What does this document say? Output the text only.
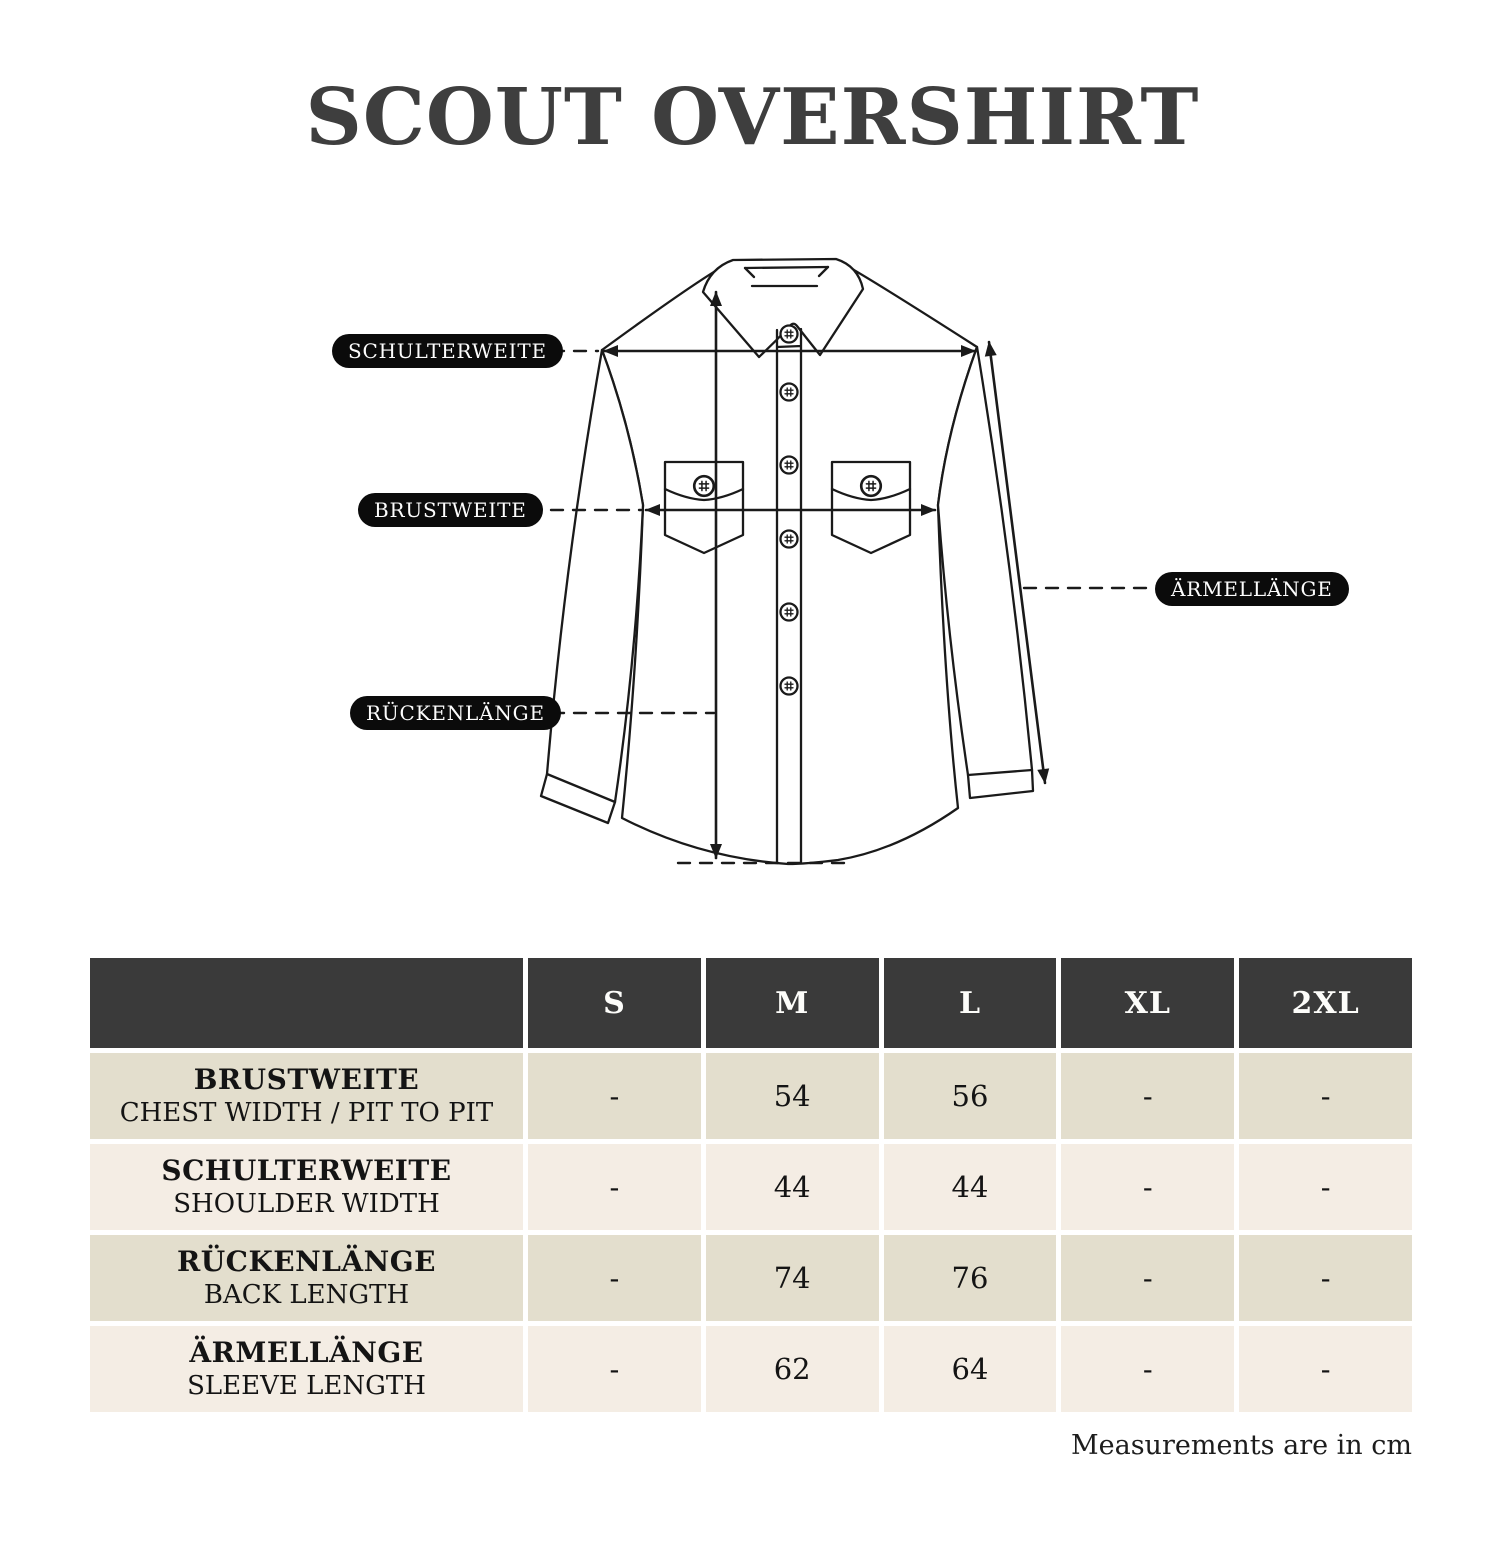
SCOUT OVERSHIRT
SCHULTERWEITE
BRUSTWEITE
RÜCKENLÄNGE
ÄRMELLÄNGE
S	M	L	XL	2XL
BRUSTWEITE
CHEST WIDTH / PIT TO PIT
-	54	56	-	-
SCHULTERWEITE
SHOULDER WIDTH
-	44	44	-	-
RÜCKENLÄNGE
BACK LENGTH
-	74	76	-	-
ÄRMELLÄNGE
SLEEVE LENGTH
-	62	64	-	-
Measurements are in cm
